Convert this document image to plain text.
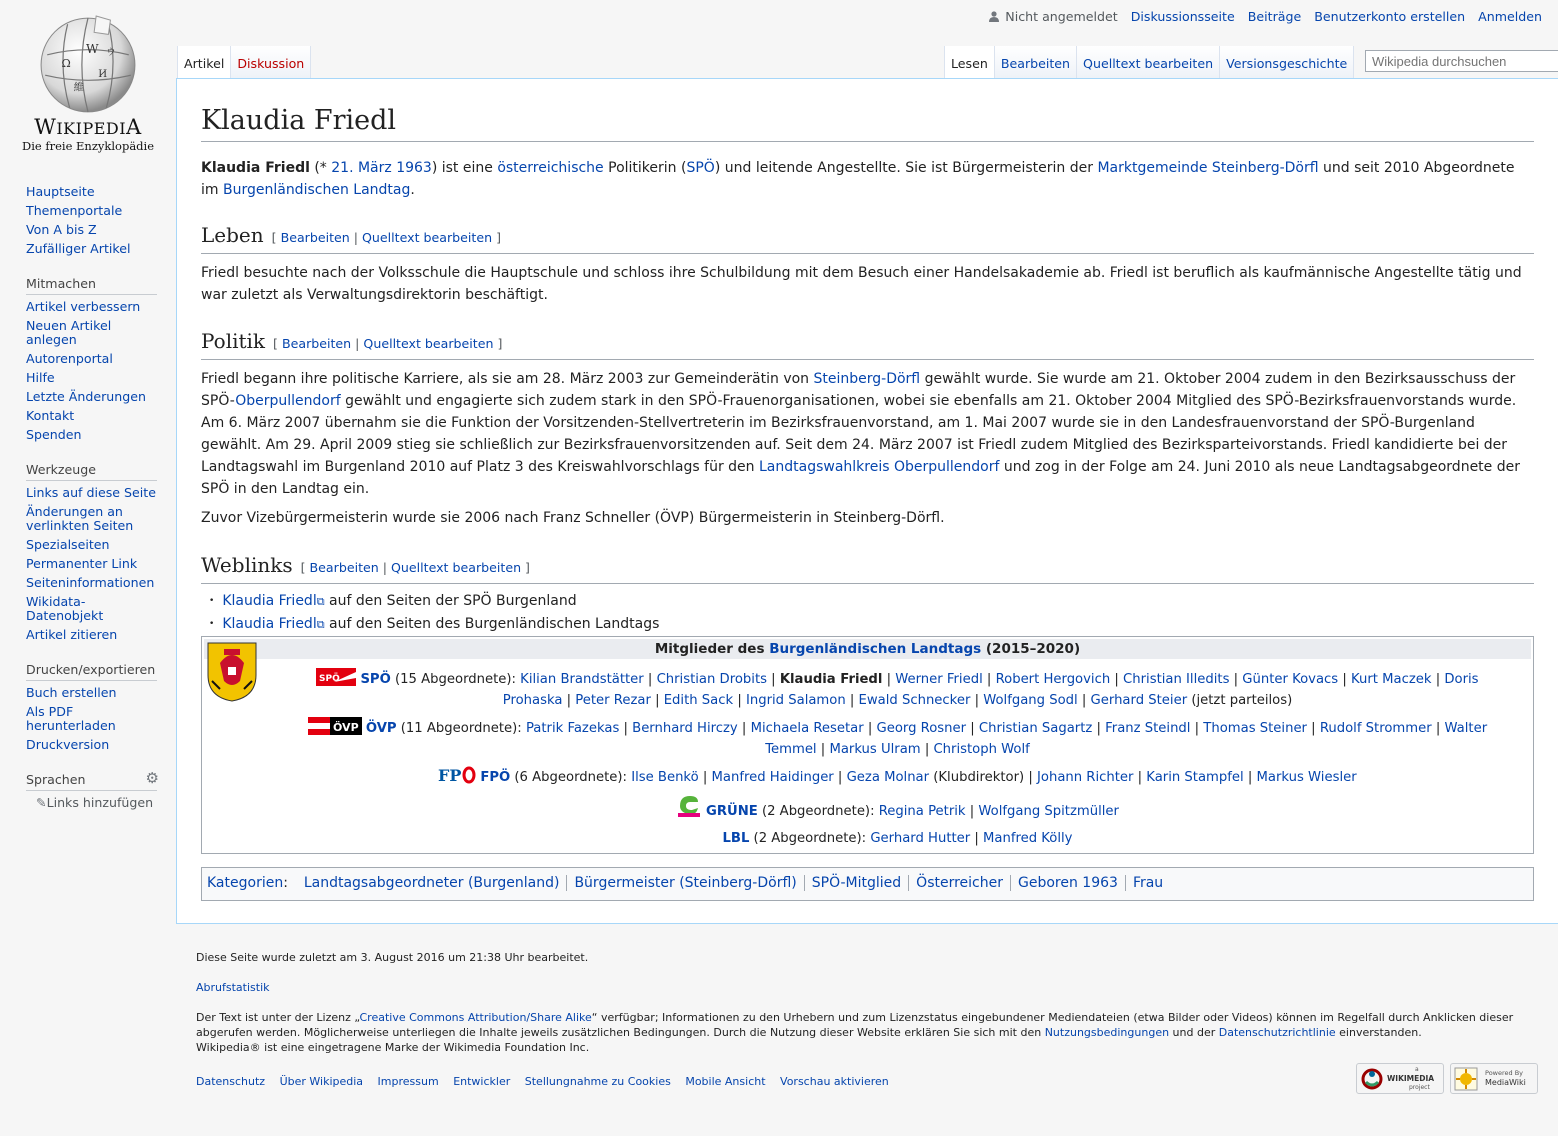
W
Ω
И
維
ウ
WIKIPEDIA
Die freie Enzyklopädie
Nicht angemeldet Diskussionsseite Beiträge Benutzerkonto erstellen Anmelden
Artikel	Diskussion	Lesen	Bearbeiten	Quelltext bearbeiten	Versionsgeschichte
Wikipedia durchsuchen
Hauptseite
Themenportale
Von A bis Z
Zufälliger Artikel
Mitmachen
Artikel verbessern
Neuen Artikel anlegen
Autorenportal
Hilfe
Letzte Änderungen
Kontakt
Spenden
Werkzeuge
Links auf diese Seite
Änderungen an verlinkten Seiten
Spezialseiten
Permanenter Link
Seiteninformationen
Wikidata-Datenobjekt
Artikel zitieren
Drucken/exportieren
Buch erstellen
Als PDF herunterladen
Druckversion
Sprachen	⚙
✎Links hinzufügen
Klaudia Friedl

Klaudia Friedl (* 21. März 1963) ist eine österreichische Politikerin (SPÖ) und leitende Angestellte. Sie ist Bürgermeisterin der Marktgemeinde Steinberg-Dörfl und seit 2010 Abgeordnete im Burgenländischen Landtag.

Leben [ Bearbeiten | Quelltext bearbeiten ]

Friedl besuchte nach der Volksschule die Hauptschule und schloss ihre Schulbildung mit dem Besuch einer Handelsakademie ab. Friedl ist beruflich als kaufmännische Angestellte tätig und war zuletzt als Verwaltungsdirektorin beschäftigt.

Politik [ Bearbeiten | Quelltext bearbeiten ]

Friedl begann ihre politische Karriere, als sie am 28. März 2003 zur Gemeinderätin von Steinberg-Dörfl gewählt wurde. Sie wurde am 21. Oktober 2004 zudem in den Bezirksausschuss der SPÖ-Oberpullendorf gewählt und engagierte sich zudem stark in den SPÖ-Frauenorganisationen, wobei sie ebenfalls am 21. Oktober 2004 Mitglied des SPÖ-Bezirksfrauenvorstands wurde. Am 6. März 2007 übernahm sie die Funktion der Vorsitzenden-Stellvertreterin im Bezirksfrauenvorstand, am 1. Mai 2007 wurde sie in den Landesfrauenvorstand der SPÖ-Burgenland gewählt. Am 29. April 2009 stieg sie schließlich zur Bezirksfrauenvorsitzenden auf. Seit dem 24. März 2007 ist Friedl zudem Mitglied des Bezirksparteivorstands. Friedl kandidierte bei der Landtagswahl im Burgenland 2010 auf Platz 3 des Kreiswahlvorschlags für den Landtagswahlkreis Oberpullendorf und zog in der Folge am 24. Juni 2010 als neue Landtagsabgeordnete der SPÖ in den Landtag ein.

Zuvor Vizebürgermeisterin wurde sie 2006 nach Franz Schneller (ÖVP) Bürgermeisterin in Steinberg-Dörfl.

Weblinks [ Bearbeiten | Quelltext bearbeiten ]
• Klaudia Friedl⧉ auf den Seiten der SPÖ Burgenland
• Klaudia Friedl⧉ auf den Seiten des Burgenländischen Landtags
Mitglieder des Burgenländischen Landtags (2015–2020)
SPÖ SPÖ (15 Abgeordnete): Kilian Brandstätter | Christian Drobits | Klaudia Friedl | Werner Friedl | Robert Hergovich | Christian Illedits | Günter Kovacs | Kurt Maczek | Doris Prohaska | Peter Rezar | Edith Sack | Ingrid Salamon | Ewald Schnecker | Wolfgang Sodl | Gerhard Steier (jetzt parteilos)
ÖVP ÖVP (11 Abgeordnete): Patrik Fazekas | Bernhard Hirczy | Michaela Resetar | Georg Rosner | Christian Sagartz | Franz Steindl | Thomas Steiner | Rudolf Strommer | Walter Temmel | Markus Ulram | Christoph Wolf
FP FPÖ (6 Abgeordnete): Ilse Benkö | Manfred Haidinger | Geza Molnar (Klubdirektor) | Johann Richter | Karin Stampfel | Markus Wiesler
GRÜNE (2 Abgeordnete): Regina Petrik | Wolfgang Spitzmüller
LBL (2 Abgeordnete): Gerhard Hutter | Manfred Kölly
Kategorien:  Landtagsabgeordneter (Burgenland) Bürgermeister (Steinberg-Dörfl) SPÖ-Mitglied Österreicher Geboren 1963 Frau

Diese Seite wurde zuletzt am 3. August 2016 um 21:38 Uhr bearbeitet.

Abrufstatistik

Der Text ist unter der Lizenz „Creative Commons Attribution/Share Alike“ verfügbar; Informationen zu den Urhebern und zum Lizenzstatus eingebundener Mediendateien (etwa Bilder oder Videos) können im Regelfall durch Anklicken dieser abgerufen werden. Möglicherweise unterliegen die Inhalte jeweils zusätzlichen Bedingungen. Durch die Nutzung dieser Website erklären Sie sich mit den Nutzungsbedingungen und der Datenschutzrichtlinie einverstanden.

Wikipedia® ist eine eingetragene Marke der Wikimedia Foundation Inc.

Datenschutz Über Wikipedia Impressum Entwickler Stellungnahme zu Cookies Mobile Ansicht Vorschau aktivieren
a
WIKIMEDIA
project
Powered By
MediaWiki
